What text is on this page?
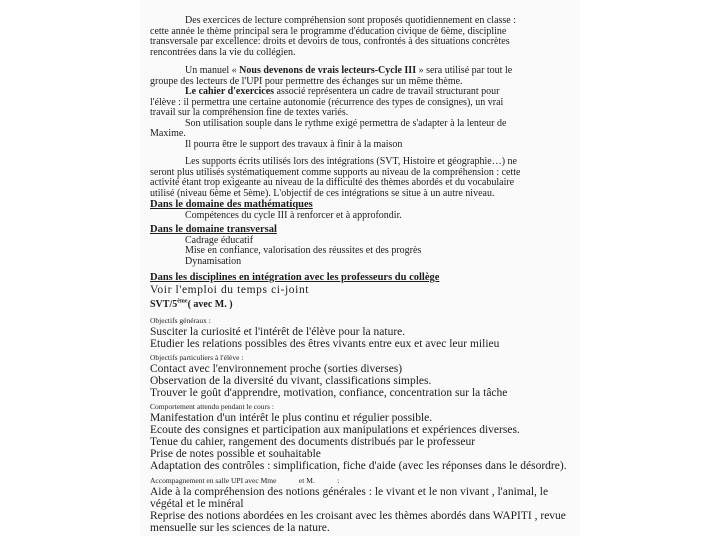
Des exercices de lecture compréhension sont proposés quotidiennement en classe :
cette année le thème principal sera le programme d'éducation civique de 6ème, discipline
transversale par excellence: droits et devoirs de tous, confrontés à des situations concrètes
rencontrées dans la vie du collégien.
Un manuel « Nous devenons de vrais lecteurs-Cycle III » sera utilisé par tout le
groupe des lecteurs de l'UPI pour permettre des échanges sur un même thème.
Le cahier d'exercices associé représentera un cadre de travail structurant pour
l'élève : il permettra une certaine autonomie (récurrence des types de consignes), un vrai
travail sur la compréhension fine de textes variés.
Son utilisation souple dans le rythme exigé permettra de s'adapter à la lenteur de
Maxime.
Il pourra être le support des travaux à finir à la maison
Les supports écrits utilisés lors des intégrations (SVT, Histoire et géographie…) ne
seront plus utilisés systématiquement comme supports au niveau de la compréhension : cette
activité étant trop exigeante au niveau de la difficulté des thèmes abordés et du vocabulaire
utilisé (niveau 6ème et 5ème). L'objectif de ces intégrations se situe à un autre niveau.
Dans le domaine des mathématiques
Compétences du cycle III à renforcer et à approfondir.
Dans le domaine transversal
Cadrage éducatif
Mise en confiance, valorisation des réussites et des progrès
Dynamisation
Dans les disciplines en intégration avec les professeurs du collège
Voir l'emploi du temps ci-joint
SVT/5ème( avec M. )
Objectifs généraux :
Susciter la curiosité et l'intérêt de l'élève pour la nature.
Etudier les relations possibles des êtres vivants entre eux et avec leur milieu
Objectifs particuliers à l'élève :
Contact avec l'environnement proche (sorties diverses)
Observation de la diversité du vivant, classifications simples.
Trouver le goût d'apprendre, motivation, confiance, concentration sur la tâche
Comportement attendu pendant le cours :
Manifestation d'un intérêt le plus continu et régulier possible.
Ecoute des consignes et participation aux manipulations et expériences diverses.
Tenue du cahier, rangement des documents distribués par le professeur
Prise de notes possible et souhaitable
Adaptation des contrôles : simplification, fiche d'aide (avec les réponses dans le désordre).
Accompagnement en salle UPI avec Mme            et M.            :
Aide à la compréhension des notions générales : le vivant et le non vivant , l'animal, le
végétal et le minéral
Reprise des notions abordées en les croisant avec les thèmes abordés dans WAPITI , revue
mensuelle sur les sciences de la nature.
